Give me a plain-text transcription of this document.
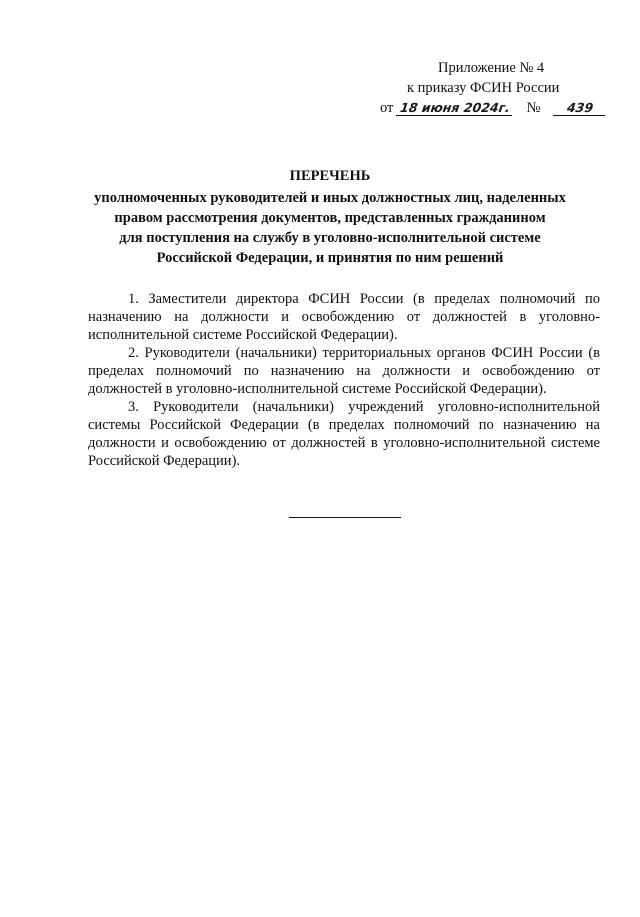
Приложение № 4
к приказу ФСИН России
от 18 июня 2024г. № 439
ПЕРЕЧЕНЬ
уполномоченных руководителей и иных должностных лиц, наделенных
правом рассмотрения документов, представленных гражданином
для поступления на службу в уголовно-исполнительной системе
Российской Федерации, и принятия по ним решений

1. Заместители директора ФСИН России (в пределах полномочий по назначению на должности и освобождению от должностей в уголовно-исполнительной системе Российской Федерации).

2. Руководители (начальники) территориальных органов ФСИН России (в пределах полномочий по назначению на должности и освобождению от должностей в уголовно-исполнительной системе Российской Федерации).

3. Руководители (начальники) учреждений уголовно-исполнительной системы Российской Федерации (в пределах полномочий по назначению на должности и освобождению от должностей в уголовно-исполнительной системе Российской Федерации).
